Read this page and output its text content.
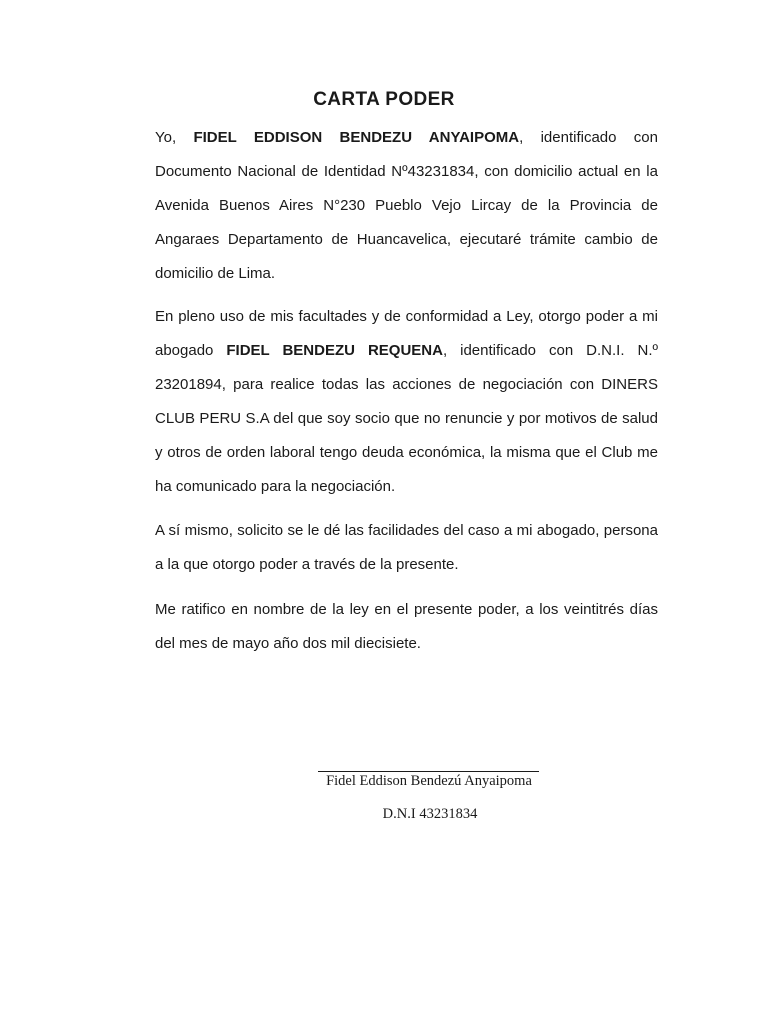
CARTA PODER

Yo, FIDEL EDDISON BENDEZU ANYAIPOMA, identificado con Documento Nacional de Identidad Nº43231834, con domicilio actual en la Avenida Buenos Aires N°230 Pueblo Vejo Lircay de la Provincia de Angaraes Departamento de Huancavelica, ejecutaré trámite cambio de domicilio de Lima.

En pleno uso de mis facultades y de conformidad a Ley, otorgo poder a mi abogado FIDEL BENDEZU REQUENA, identificado con D.N.I. N.º 23201894, para realice todas las acciones de negociación con DINERS CLUB PERU S.A del que soy socio que no renuncie y por motivos de salud y otros de orden laboral tengo deuda económica, la misma que el Club me ha comunicado para la negociación.

A sí mismo, solicito se le dé las facilidades del caso a mi abogado, persona a la que otorgo poder a través de la presente.

Me ratifico en nombre de la ley en el presente poder, a los veintitrés días del mes de mayo año dos mil diecisiete.

Fidel Eddison Bendezú Anyaipoma
D.N.I 43231834
